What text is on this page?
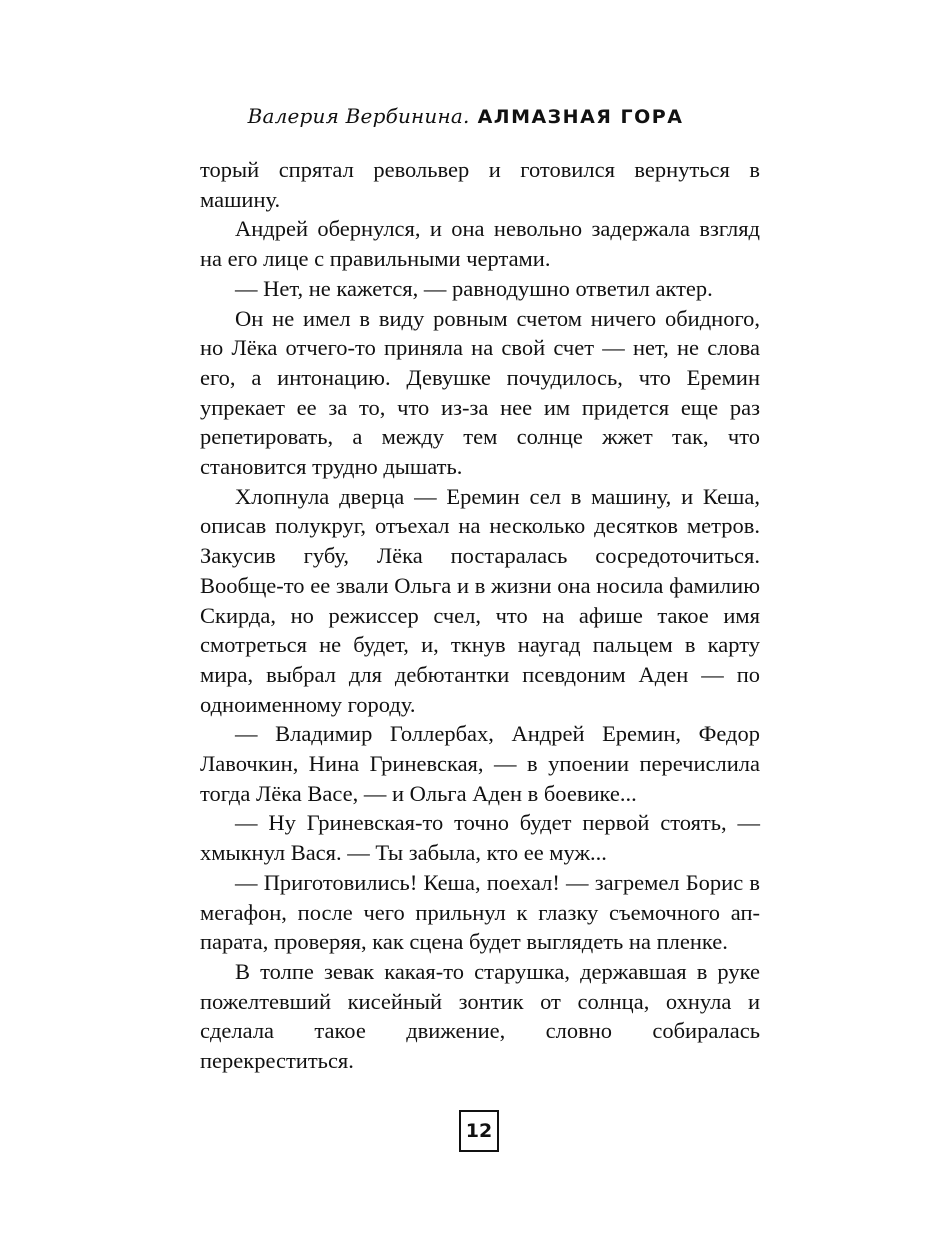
Валерия Вербинина. АЛМАЗНАЯ ГОРА

торый спрятал револьвер и готовился вернуться в машину.

Андрей обернулся, и она невольно задержала взгляд на его лице с правильными чертами.

— Нет, не кажется, — равнодушно ответил актер.

Он не имел в виду ровным счетом ничего обидного, но Лёка отчего-то приняла на свой счет — нет, не слова его, а интонацию. Девушке почудилось, что Еремин упрекает ее за то, что из-за нее им придется еще раз репетировать, а между тем солнце жжет так, что становится трудно дышать.

Хлопнула дверца — Еремин сел в машину, и Кеша, описав полукруг, отъехал на несколько десятков метров. Закусив губу, Лёка постаралась сосредоточиться. Вообще-то ее звали Ольга и в жизни она носила фамилию Скирда, но режиссер счел, что на афише такое имя смотреться не будет, и, ткнув наугад пальцем в карту мира, выбрал для дебютантки псевдоним Аден — по одноименному городу.

— Владимир Голлербах, Андрей Еремин, Федор Лавочкин, Нина Гриневская, — в упоении перечислила тогда Лёка Васе, — и Ольга Аден в боевике...

— Ну Гриневская-то точно будет первой стоять, — хмыкнул Вася. — Ты забыла, кто ее муж...

— Приготовились! Кеша, поехал! — загремел Борис в мегафон, после чего прильнул к глазку съемочного аппарата, проверяя, как сцена будет выглядеть на пленке.

В толпе зевак какая-то старушка, державшая в руке пожелтевший кисейный зонтик от солнца, охнула и сделала такое движение, словно собиралась перекреститься.

12
